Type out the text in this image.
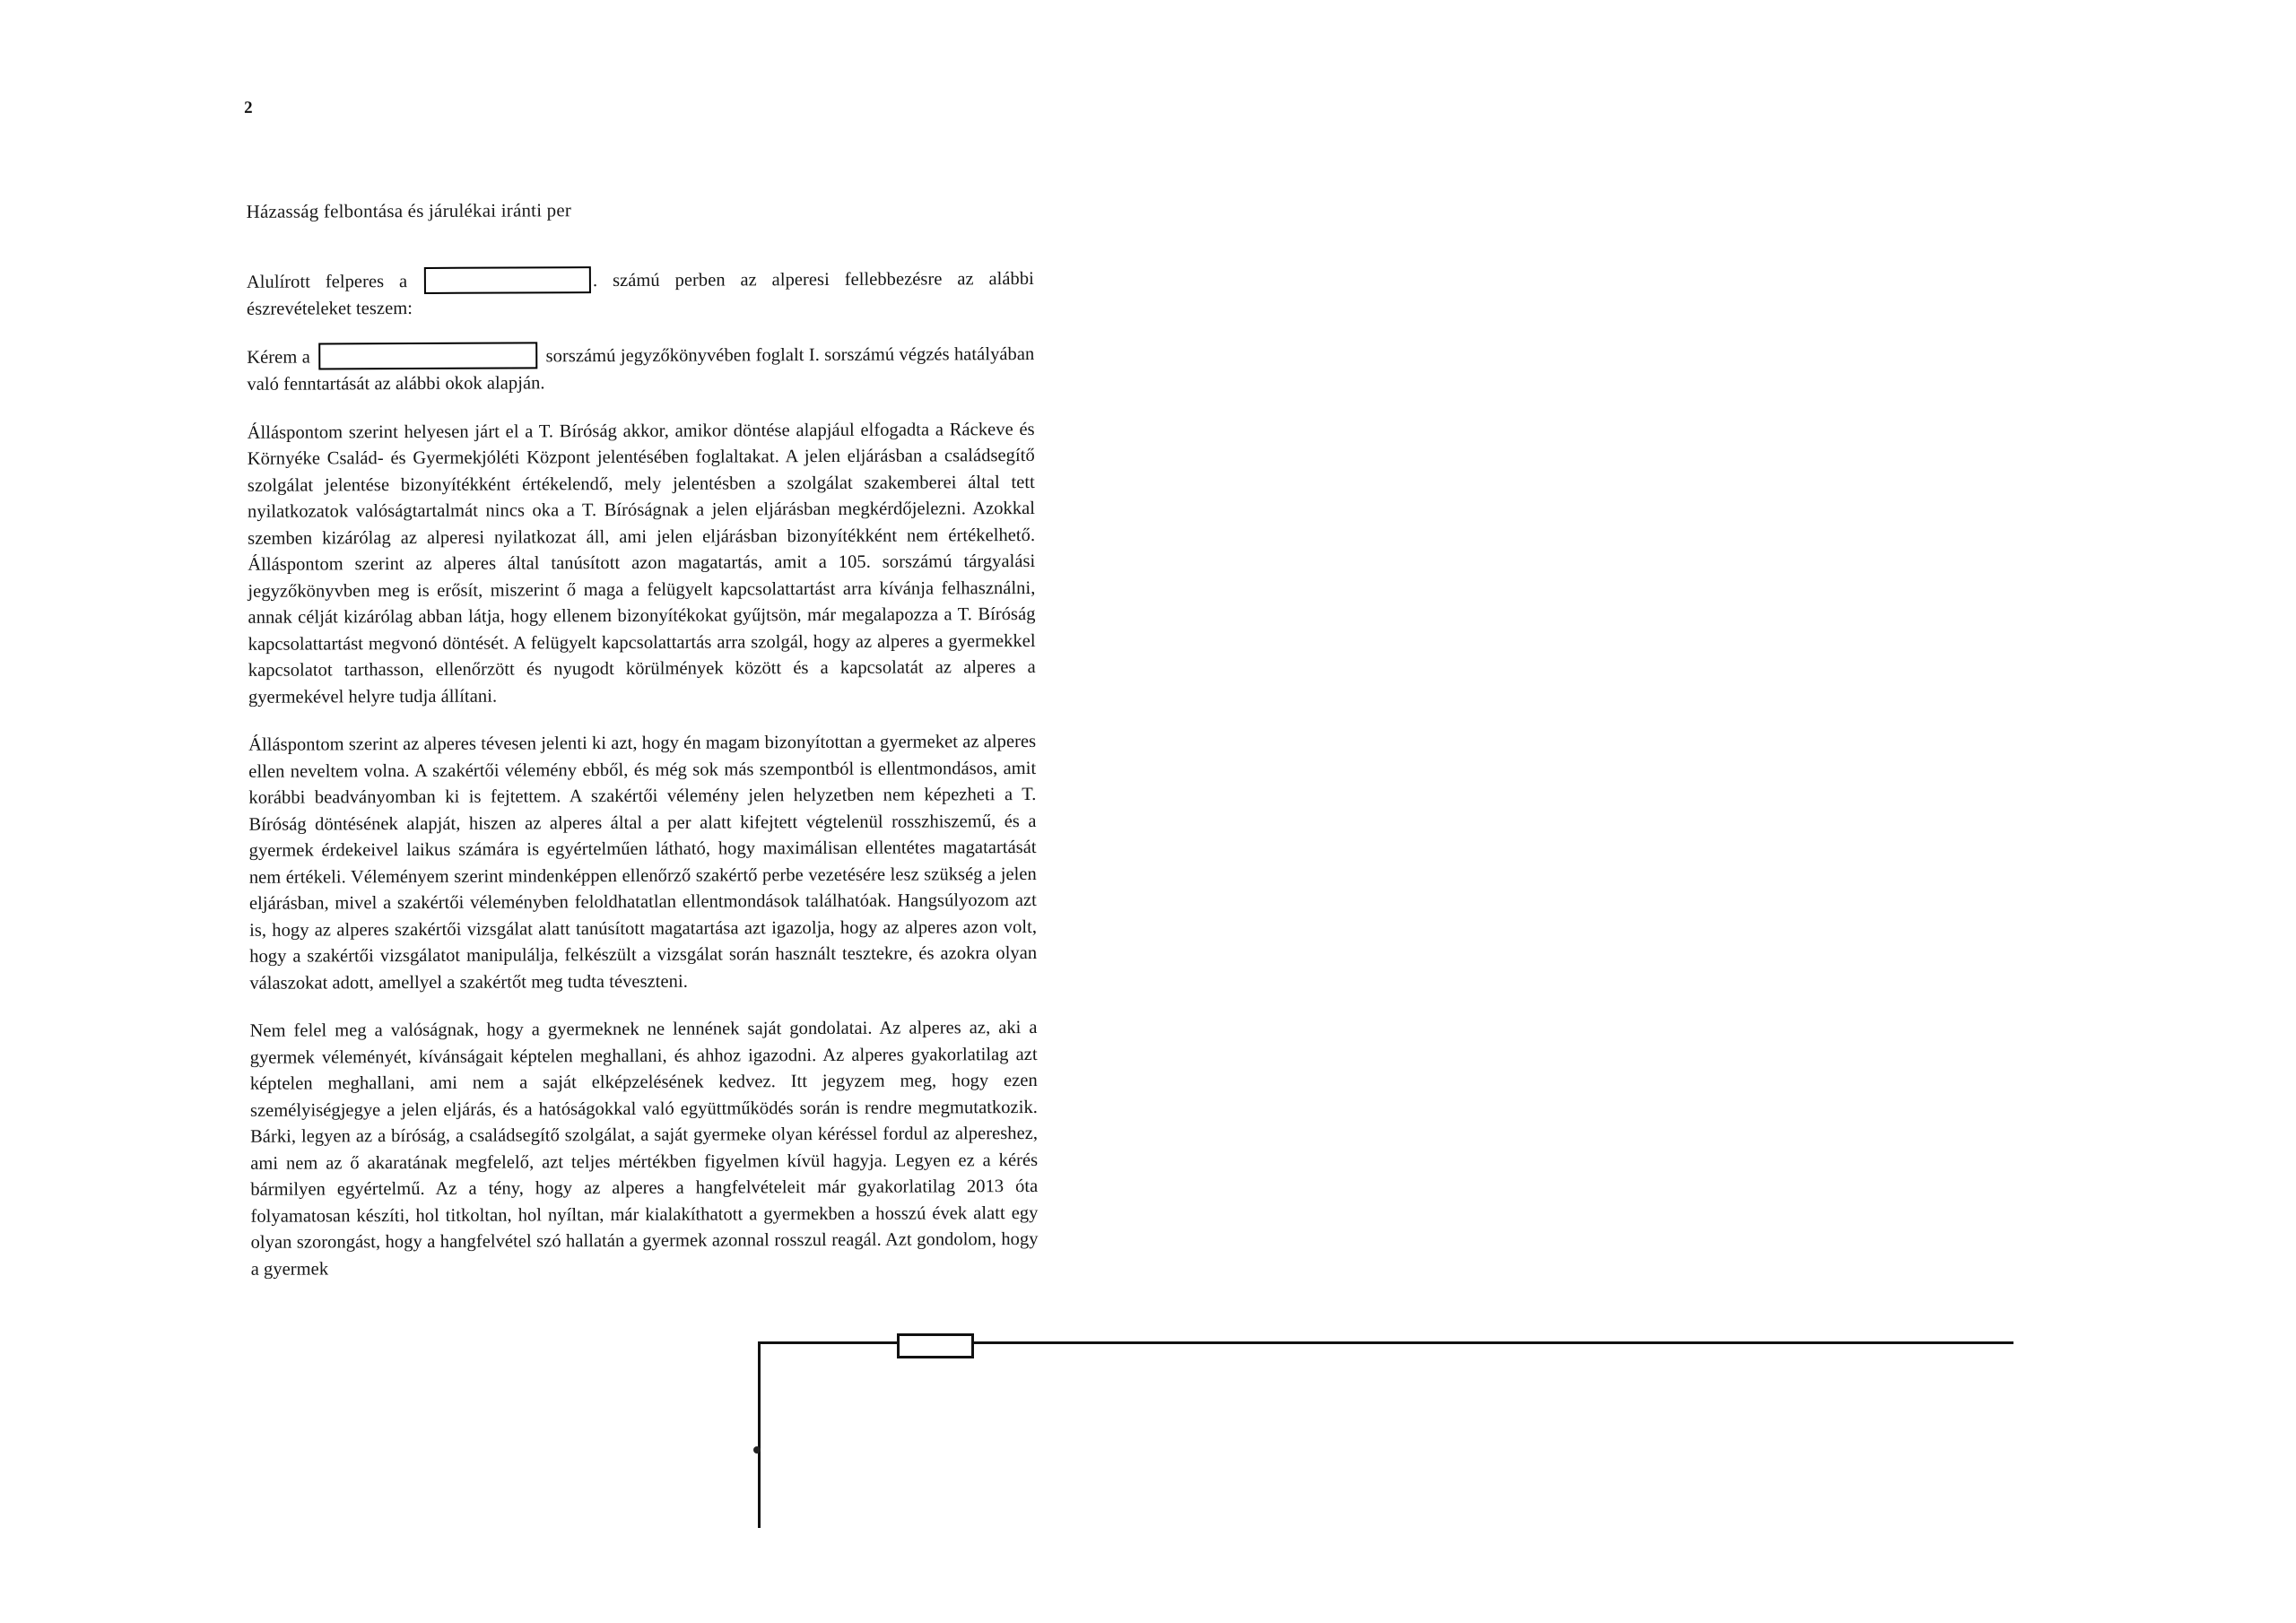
2
Házasság felbontása és járulékai iránti per

Alulírott felperes a	. számú perben az alperesi fellebbezésre az alábbi észrevételeket teszem:

Kérem a	sorszámú jegyzőkönyvében foglalt I. sorszámú végzés hatályában való fenntartását az alábbi okok alapján.

Álláspontom szerint helyesen járt el a T. Bíróság akkor, amikor döntése alapjául elfogadta a Ráckeve és Környéke Család- és Gyermekjóléti Központ jelentésében foglaltakat. A jelen eljárásban a családsegítő szolgálat jelentése bizonyítékként értékelendő, mely jelentésben a szolgálat szakemberei által tett nyilatkozatok valóságtartalmát nincs oka a T. Bíróságnak a jelen eljárásban megkérdőjelezni. Azokkal szemben kizárólag az alperesi nyilatkozat áll, ami jelen eljárásban bizonyítékként nem értékelhető. Álláspontom szerint az alperes által tanúsított azon magatartás, amit a 105. sorszámú tárgyalási jegyzőkönyvben meg is erősít, miszerint ő maga a felügyelt kapcsolattartást arra kívánja felhasználni, annak célját kizárólag abban látja, hogy ellenem bizonyítékokat gyűjtsön, már megalapozza a T. Bíróság kapcsolattartást megvonó döntését. A felügyelt kapcsolattartás arra szolgál, hogy az alperes a gyermekkel kapcsolatot tarthasson, ellenőrzött és nyugodt körülmények között és a kapcsolatát az alperes a gyermekével helyre tudja állítani.

Álláspontom szerint az alperes tévesen jelenti ki azt, hogy én magam bizonyítottan a gyermeket az alperes ellen neveltem volna. A szakértői vélemény ebből, és még sok más szempontból is ellentmondásos, amit korábbi beadványomban ki is fejtettem. A szakértői vélemény jelen helyzetben nem képezheti a T. Bíróság döntésének alapját, hiszen az alperes által a per alatt kifejtett végtelenül rosszhiszemű, és a gyermek érdekeivel laikus számára is egyértelműen látható, hogy maximálisan ellentétes magatartását nem értékeli. Véleményem szerint mindenképpen ellenőrző szakértő perbe vezetésére lesz szükség a jelen eljárásban, mivel a szakértői véleményben feloldhatatlan ellentmondások találhatóak. Hangsúlyozom azt is, hogy az alperes szakértői vizsgálat alatt tanúsított magatartása azt igazolja, hogy az alperes azon volt, hogy a szakértői vizsgálatot manipulálja, felkészült a vizsgálat során használt tesztekre, és azokra olyan válaszokat adott, amellyel a szakértőt meg tudta téveszteni.

Nem felel meg a valóságnak, hogy a gyermeknek ne lennének saját gondolatai. Az alperes az, aki a gyermek véleményét, kívánságait képtelen meghallani, és ahhoz igazodni. Az alperes gyakorlatilag azt képtelen meghallani, ami nem a saját elképzelésének kedvez. Itt jegyzem meg, hogy ezen személyiségjegye a jelen eljárás, és a hatóságokkal való együttműködés során is rendre megmutatkozik. Bárki, legyen az a bíróság, a családsegítő szolgálat, a saját gyermeke olyan kéréssel fordul az alpereshez, ami nem az ő akaratának megfelelő, azt teljes mértékben figyelmen kívül hagyja. Legyen ez a kérés bármilyen egyértelmű. Az a tény, hogy az alperes a hangfelvételeit már gyakorlatilag 2013 óta folyamatosan készíti, hol titkoltan, hol nyíltan, már kialakíthatott a gyermekben a hosszú évek alatt egy olyan szorongást, hogy a hangfelvétel szó hallatán a gyermek azonnal rosszul reagál. Azt gondolom, hogy a gyermek
